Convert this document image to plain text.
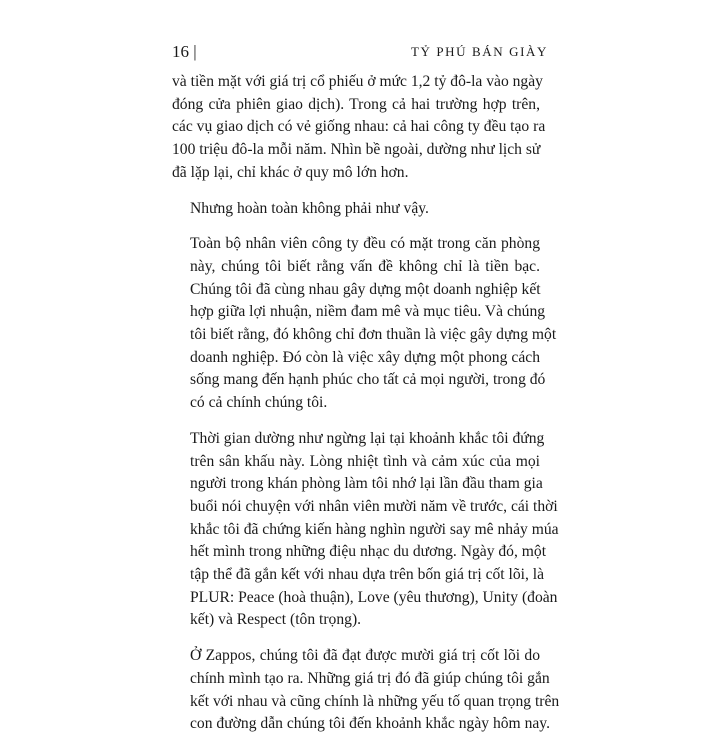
16 |	TỶ PHÚ BÁN GIÀY
và tiền mặt với giá trị cổ phiếu ở mức 1,2 tỷ đô-la vào ngày
đóng cửa phiên giao dịch). Trong cả hai trường hợp trên,
các vụ giao dịch có vẻ giống nhau: cả hai công ty đều tạo ra
100 triệu đô-la mỗi năm. Nhìn bề ngoài, dường như lịch sử
đã lặp lại, chỉ khác ở quy mô lớn hơn.
Nhưng hoàn toàn không phải như vậy.
Toàn bộ nhân viên công ty đều có mặt trong căn phòng
này, chúng tôi biết rằng vấn đề không chỉ là tiền bạc.
Chúng tôi đã cùng nhau gây dựng một doanh nghiệp kết
hợp giữa lợi nhuận, niềm đam mê và mục tiêu. Và chúng
tôi biết rằng, đó không chỉ đơn thuần là việc gây dựng một
doanh nghiệp. Đó còn là việc xây dựng một phong cách
sống mang đến hạnh phúc cho tất cả mọi người, trong đó
có cả chính chúng tôi.
Thời gian dường như ngừng lại tại khoảnh khắc tôi đứng
trên sân khấu này. Lòng nhiệt tình và cảm xúc của mọi
người trong khán phòng làm tôi nhớ lại lần đầu tham gia
buổi nói chuyện với nhân viên mười năm về trước, cái thời
khắc tôi đã chứng kiến hàng nghìn người say mê nhảy múa
hết mình trong những điệu nhạc du dương. Ngày đó, một
tập thể đã gắn kết với nhau dựa trên bốn giá trị cốt lõi, là
PLUR: Peace (hoà thuận), Love (yêu thương), Unity (đoàn
kết) và Respect (tôn trọng).
Ở Zappos, chúng tôi đã đạt được mười giá trị cốt lõi do
chính mình tạo ra. Những giá trị đó đã giúp chúng tôi gắn
kết với nhau và cũng chính là những yếu tố quan trọng trên
con đường dẫn chúng tôi đến khoảnh khắc ngày hôm nay.
